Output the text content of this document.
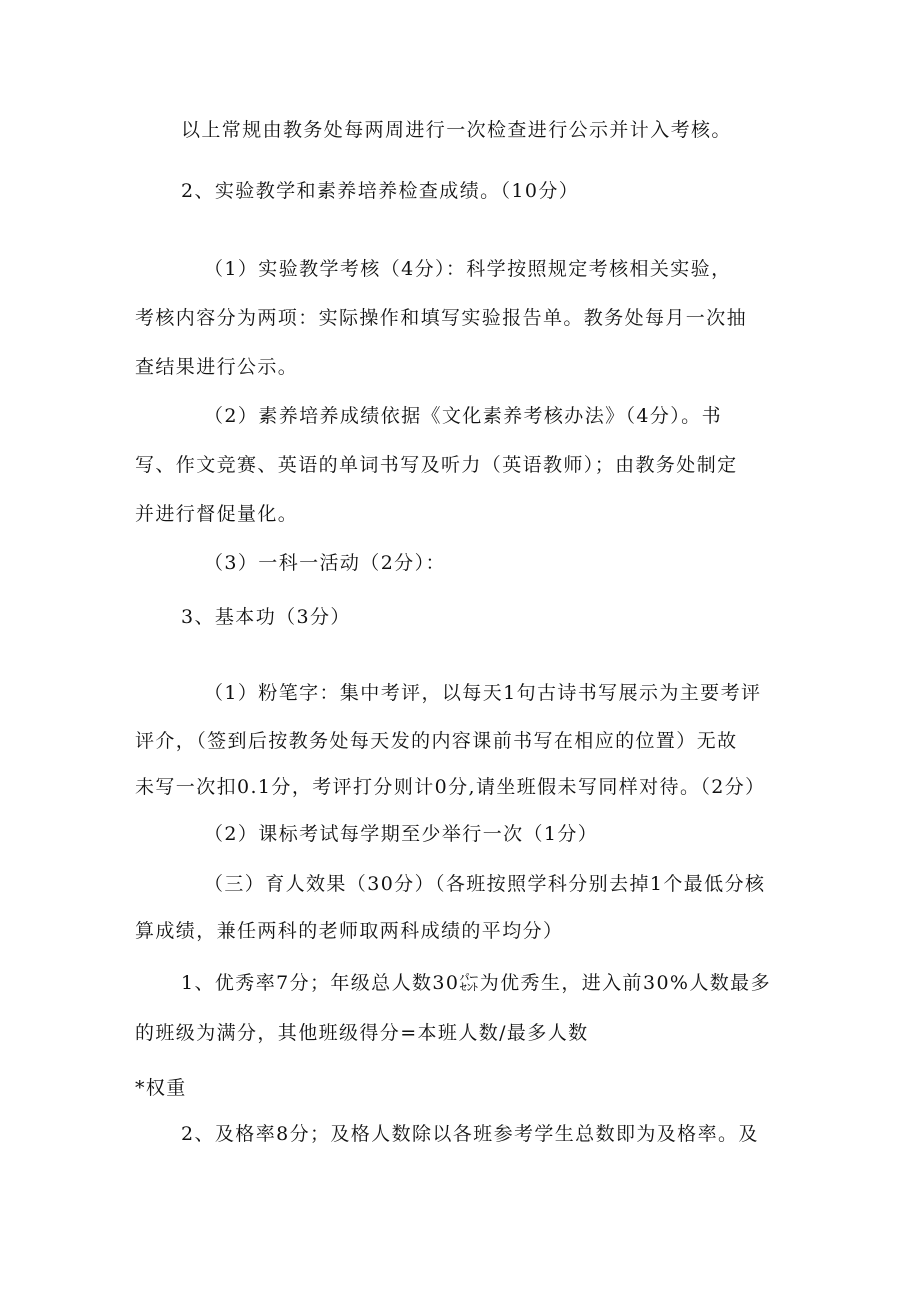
以上常规由教务处每两周进行一次检查进行公示并计入考核。

2、实验教学和素养培养检查成绩。（10分）

（1）实验教学考核（4分）：科学按照规定考核相关实验，

考核内容分为两项：实际操作和填写实验报告单。教务处每月一次抽

查结果进行公示。

（2）素养培养成绩依据《文化素养考核办法》（4分）。书

写、作文竞赛、英语的单词书写及听力（英语教师）；由教务处制定

并进行督促量化。

（3）一科一活动（2分）：

3、基本功（3分）

（1）粉笔字：集中考评，以每天1句古诗书写展示为主要考评

评介，（签到后按教务处每天发的内容课前书写在相应的位置）无故

未写一次扣0.1分，考评打分则计0分,请坐班假未写同样对待。（2分）

（2）课标考试每学期至少举行一次（1分）

（三）育人效果（30分）（各班按照学科分别去掉1个最低分核

算成绩，兼任两科的老师取两科成绩的平均分）

1、优秀率7分；年级总人数30㌫为优秀生，进入前30%人数最多

的班级为满分，其他班级得分=本班人数/最多人数

*权重

2、及格率8分；及格人数除以各班参考学生总数即为及格率。及
